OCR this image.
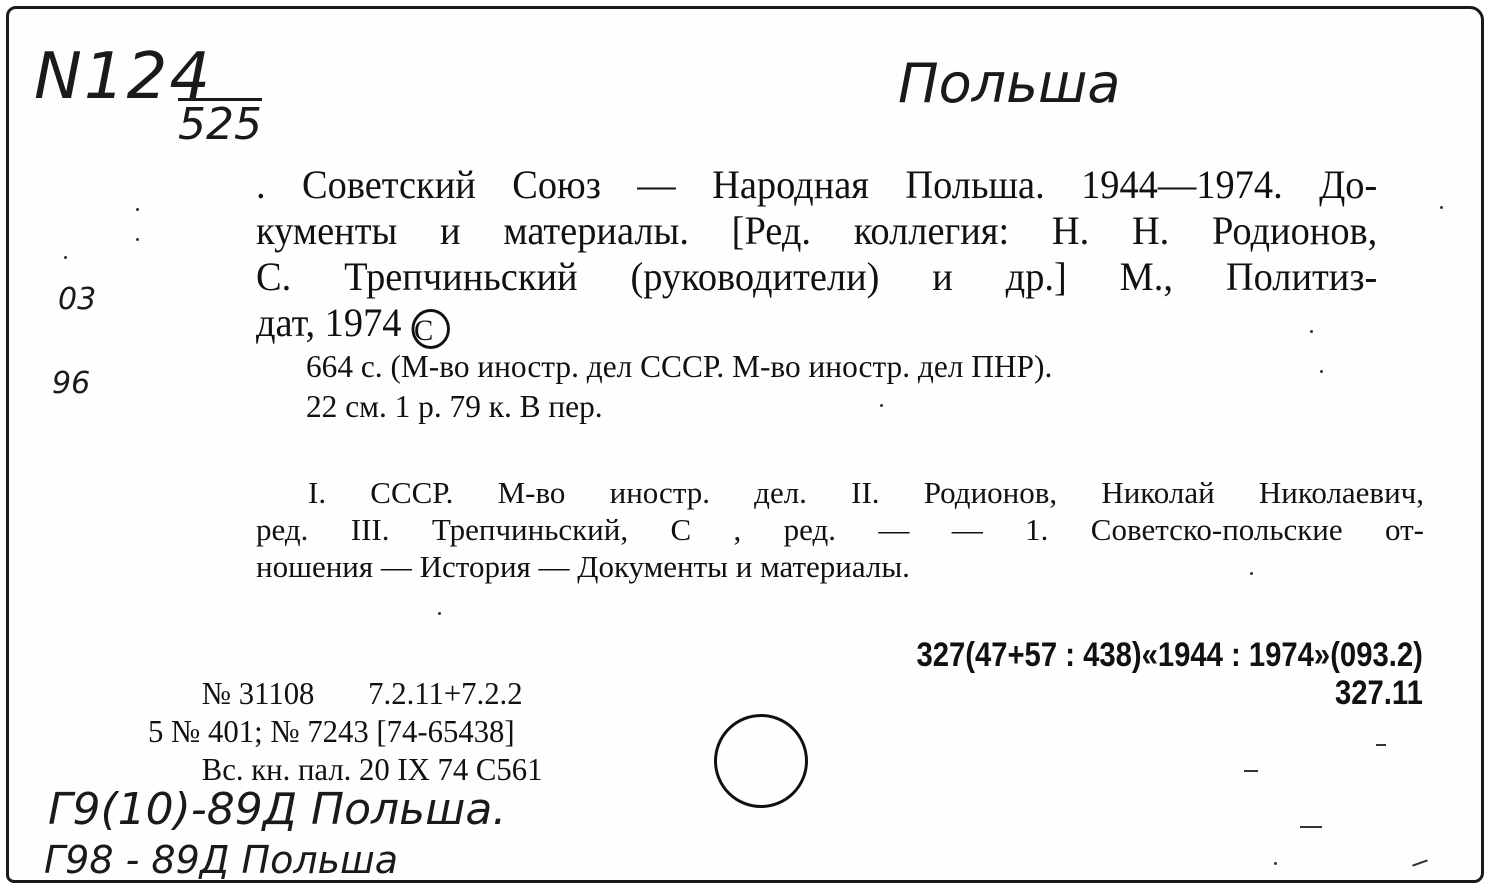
N124
525
Польша
03
96
Г9(10)-89Д Польша.
Г98 - 89Д Польша
. Советский Союз — Народная Польша. 1944—1974. До-
кументы и материалы. [Ред. коллегия: Н. Н. Родионов,
С. Трепчиньский (руководители) и др.] М., Политиз-
дат, 1974 C
664 с. (М-во иностр. дел СССР. М-во иностр. дел ПНР).
22 см. 1 р. 79 к. В пер.
I. СССР. М-во иностр. дел. II. Родионов, Николай Николаевич,
ред. III. Трепчиньский, С , ред. — — 1. Советско-польские от-
ношения — История — Документы и материалы.
327(47+57 : 438)«1944 : 1974»(093.2)
327.11
№ 31108 7.2.11+7.2.2
5 № 401; № 7243 [74-65438]
Вс. кн. пал. 20 IX 74 С561
